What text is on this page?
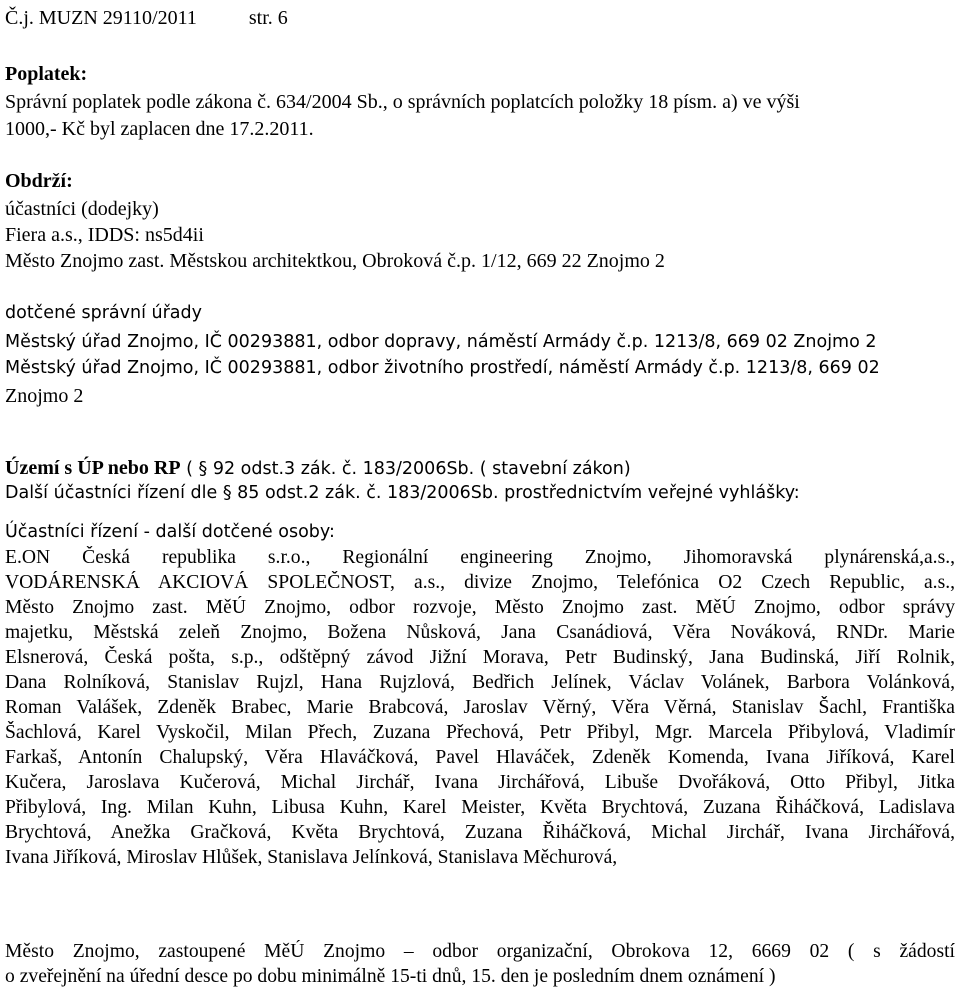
Č.j. MUZN 29110/2011	str. 6
Poplatek:
Správní poplatek podle zákona č. 634/2004 Sb., o správních poplatcích položky 18 písm. a) ve výši
1000,- Kč byl zaplacen dne 17.2.2011.
Obdrží:
účastníci (dodejky)
Fiera a.s., IDDS: ns5d4ii
Město Znojmo zast. Městskou architektkou, Obroková č.p. 1/12, 669 22 Znojmo 2
dotčené správní úřady
Městský úřad Znojmo, IČ 00293881, odbor dopravy, náměstí Armády č.p. 1213/8, 669 02 Znojmo 2
Městský úřad Znojmo, IČ 00293881, odbor životního prostředí, náměstí Armády č.p. 1213/8, 669 02
Znojmo 2
Území s ÚP nebo RP ( § 92 odst.3 zák. č. 183/2006Sb. ( stavební zákon)
Další účastníci řízení dle § 85 odst.2 zák. č. 183/2006Sb. prostřednictvím veřejné vyhlášky:
Účastníci řízení - další dotčené osoby:
E.ON Česká republika s.r.o., Regionální engineering Znojmo, Jihomoravská plynárenská,a.s.,
VODÁRENSKÁ AKCIOVÁ SPOLEČNOST, a.s., divize Znojmo, Telefónica O2 Czech Republic, a.s.,
Město Znojmo zast. MěÚ Znojmo, odbor rozvoje, Město Znojmo zast. MěÚ Znojmo, odbor správy
majetku, Městská zeleň Znojmo, Božena Nůsková, Jana Csanádiová, Věra Nováková, RNDr. Marie
Elsnerová, Česká pošta, s.p., odštěpný závod Jižní Morava, Petr Budinský, Jana Budinská, Jiří Rolnik,
Dana Rolníková, Stanislav Rujzl, Hana Rujzlová, Bedřich Jelínek, Václav Volánek, Barbora Volánková,
Roman Valášek, Zdeněk Brabec, Marie Brabcová, Jaroslav Věrný, Věra Věrná, Stanislav Šachl, Františka
Šachlová, Karel Vyskočil, Milan Přech, Zuzana Přechová, Petr Přibyl, Mgr. Marcela Přibylová, Vladimír
Farkaš, Antonín Chalupský, Věra Hlaváčková, Pavel Hlaváček, Zdeněk Komenda, Ivana Jiříková, Karel
Kučera, Jaroslava Kučerová, Michal Jirchář, Ivana Jirchářová, Libuše Dvořáková, Otto Přibyl, Jitka
Přibylová, Ing. Milan Kuhn, Libusa Kuhn, Karel Meister, Květa Brychtová, Zuzana Řiháčková, Ladislava
Brychtová, Anežka Gračková, Květa Brychtová, Zuzana Řiháčková, Michal Jirchář, Ivana Jirchářová,
Ivana Jiříková, Miroslav Hlůšek, Stanislava Jelínková, Stanislava Měchurová,
Město Znojmo, zastoupené MěÚ Znojmo – odbor organizační, Obrokova 12, 6669 02 ( s žádostí
o zveřejnění na úřední desce po dobu minimálně 15-ti dnů, 15. den je posledním dnem oznámení )
